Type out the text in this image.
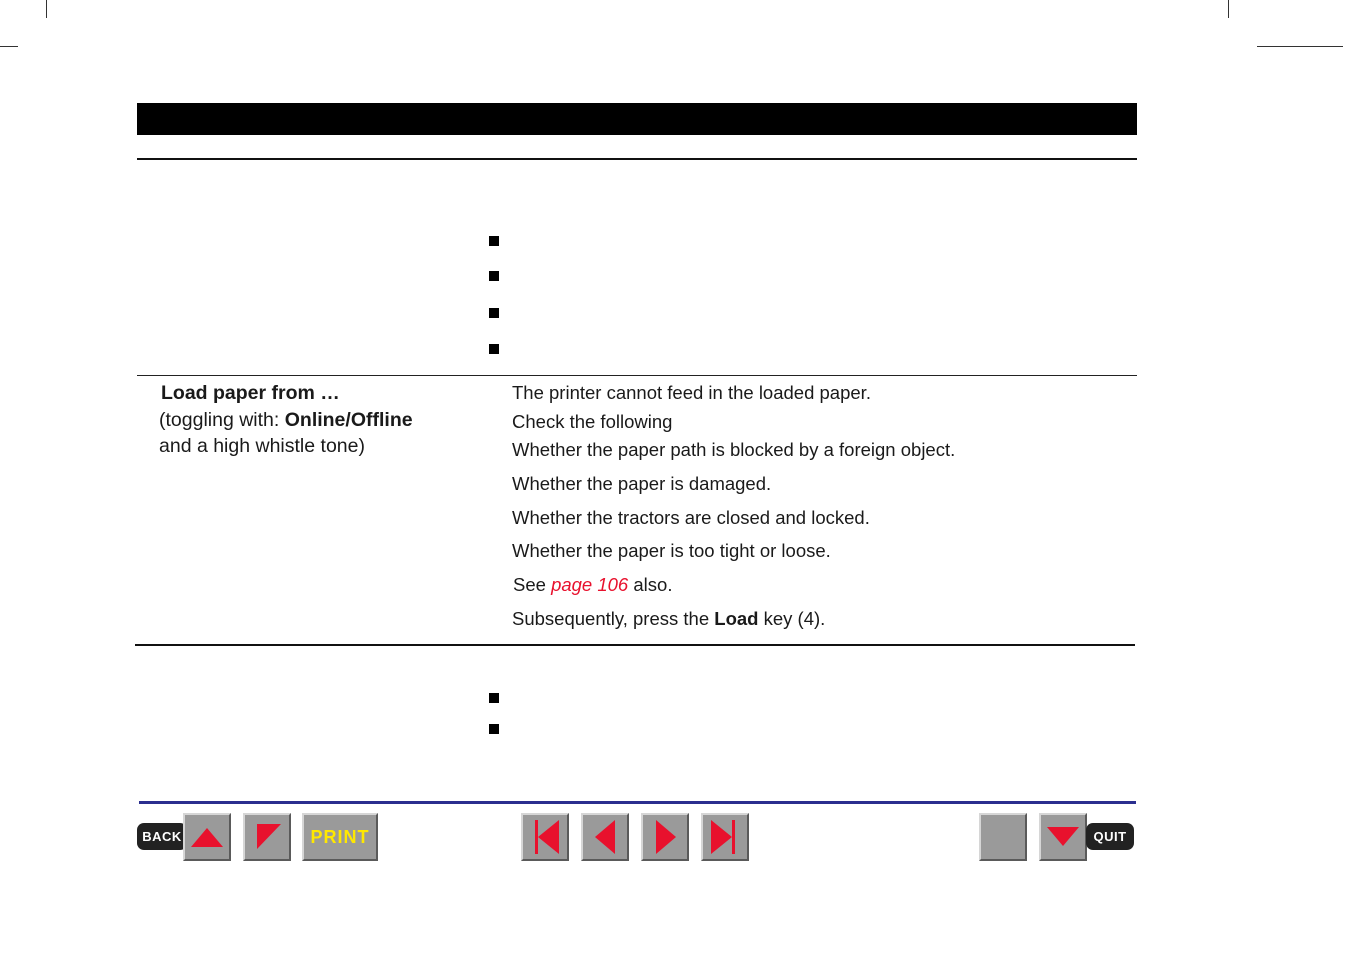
Load paper from …
(toggling with: Online/Offline
and a high whistle tone)
The printer cannot feed in the loaded paper.
Check the following
Whether the paper path is blocked by a foreign object.
Whether the paper is damaged.
Whether the tractors are closed and locked.
Whether the paper is too tight or loose.
See page 106 also.
Subsequently, press the Load key (4).
BACK	PRINT	QUIT
